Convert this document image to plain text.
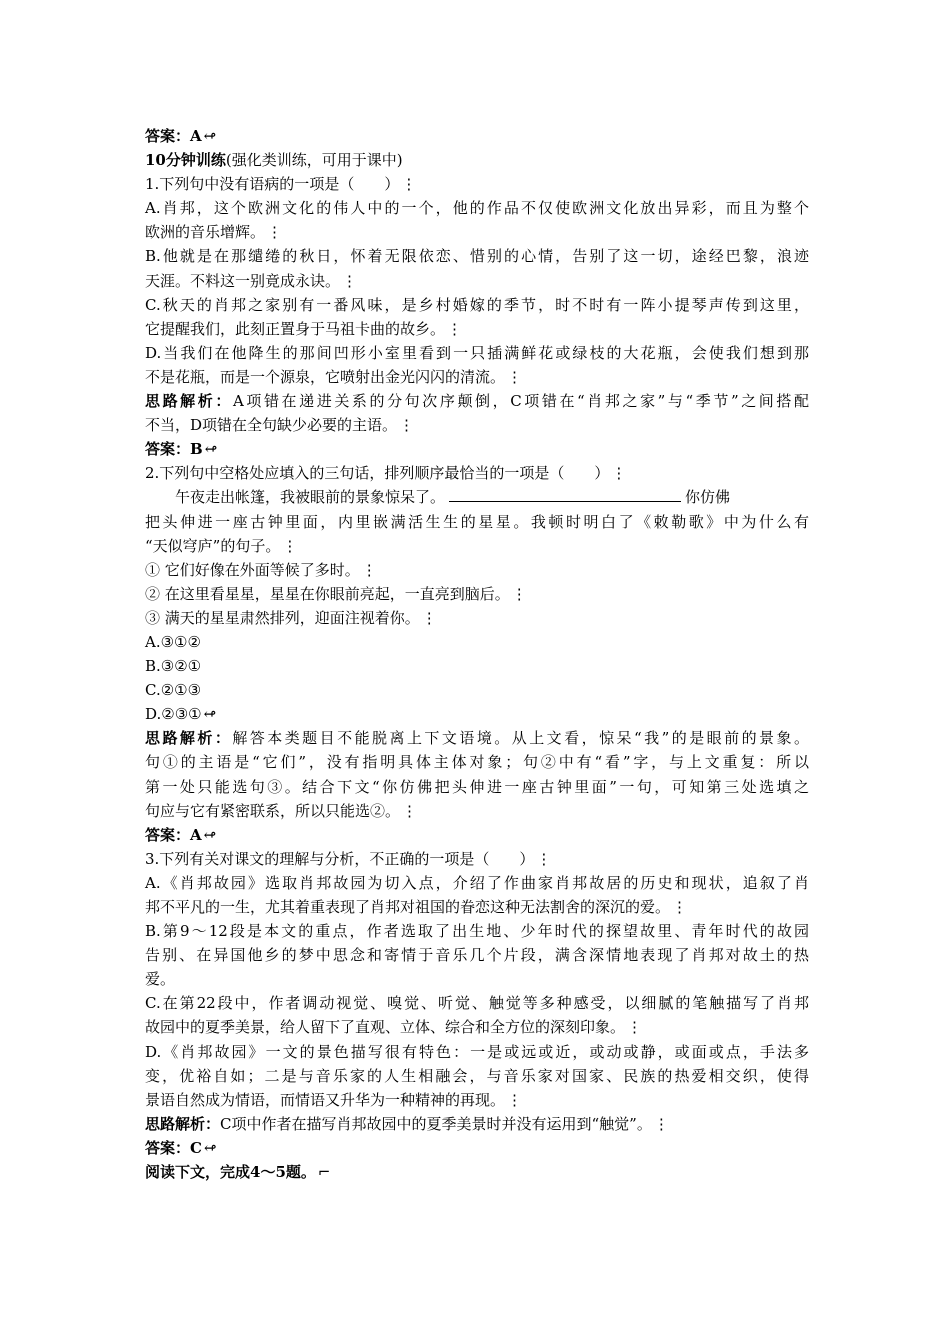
答案：A ↫
10分钟训练(强化类训练，可用于课中)
1.下列句中没有语病的一项是（　　） ⋮
A.肖邦，这个欧洲文化的伟人中的一个，他的作品不仅使欧洲文化放出异彩，而且为整个
欧洲的音乐增辉。 ⋮
B.他就是在那缱绻的秋日，怀着无限依恋、惜别的心情，告别了这一切，途经巴黎，浪迹
天涯。不料这一别竟成永诀。 ⋮
C.秋天的肖邦之家别有一番风味，是乡村婚嫁的季节，时不时有一阵小提琴声传到这里，
它提醒我们，此刻正置身于马祖卡曲的故乡。 ⋮
D.当我们在他降生的那间凹形小室里看到一只插满鲜花或绿枝的大花瓶，会使我们想到那
不是花瓶，而是一个源泉，它喷射出金光闪闪的清流。 ⋮
思路解析：A项错在递进关系的分句次序颠倒，C项错在“肖邦之家”与“季节”之间搭配
不当，D项错在全句缺少必要的主语。 ⋮
答案：B ↫
2.下列句中空格处应填入的三句话，排列顺序最恰当的一项是（　　） ⋮
午夜走出帐篷，我被眼前的景象惊呆了。	你仿佛
把头伸进一座古钟里面，内里嵌满活生生的星星。我顿时明白了《敕勒歌》中为什么有
“天似穹庐”的句子。 ⋮
① 它们好像在外面等候了多时。 ⋮
② 在这里看星星，星星在你眼前亮起，一直亮到脑后。 ⋮
③ 满天的星星肃然排列，迎面注视着你。 ⋮
A.③①②
B.③②①
C.②①③
D.②③① ↫
思路解析：解答本类题目不能脱离上下文语境。从上文看，惊呆“我”的是眼前的景象。
句①的主语是“它们”，没有指明具体主体对象；句②中有“看”字，与上文重复：所以
第一处只能选句③。结合下文“你仿佛把头伸进一座古钟里面”一句，可知第三处选填之
句应与它有紧密联系，所以只能选②。 ⋮
答案：A ↫
3.下列有关对课文的理解与分析，不正确的一项是（　　） ⋮
A.《肖邦故园》选取肖邦故园为切入点，介绍了作曲家肖邦故居的历史和现状，追叙了肖
邦不平凡的一生，尤其着重表现了肖邦对祖国的眷恋这种无法割舍的深沉的爱。 ⋮
B.第9～12段是本文的重点，作者选取了出生地、少年时代的探望故里、青年时代的故园
告别、在异国他乡的梦中思念和寄情于音乐几个片段，满含深情地表现了肖邦对故土的热
爱。
C.在第22段中，作者调动视觉、嗅觉、听觉、触觉等多种感受，以细腻的笔触描写了肖邦
故园中的夏季美景，给人留下了直观、立体、综合和全方位的深刻印象。 ⋮
D.《肖邦故园》一文的景色描写很有特色：一是或远或近，或动或静，或面或点，手法多
变，优裕自如；二是与音乐家的人生相融会，与音乐家对国家、民族的热爱相交织，使得
景语自然成为情语，而情语又升华为一种精神的再现。 ⋮
思路解析：C项中作者在描写肖邦故园中的夏季美景时并没有运用到“触觉”。 ⋮
答案：C ↫
阅读下文，完成4～5题。 ⌐
